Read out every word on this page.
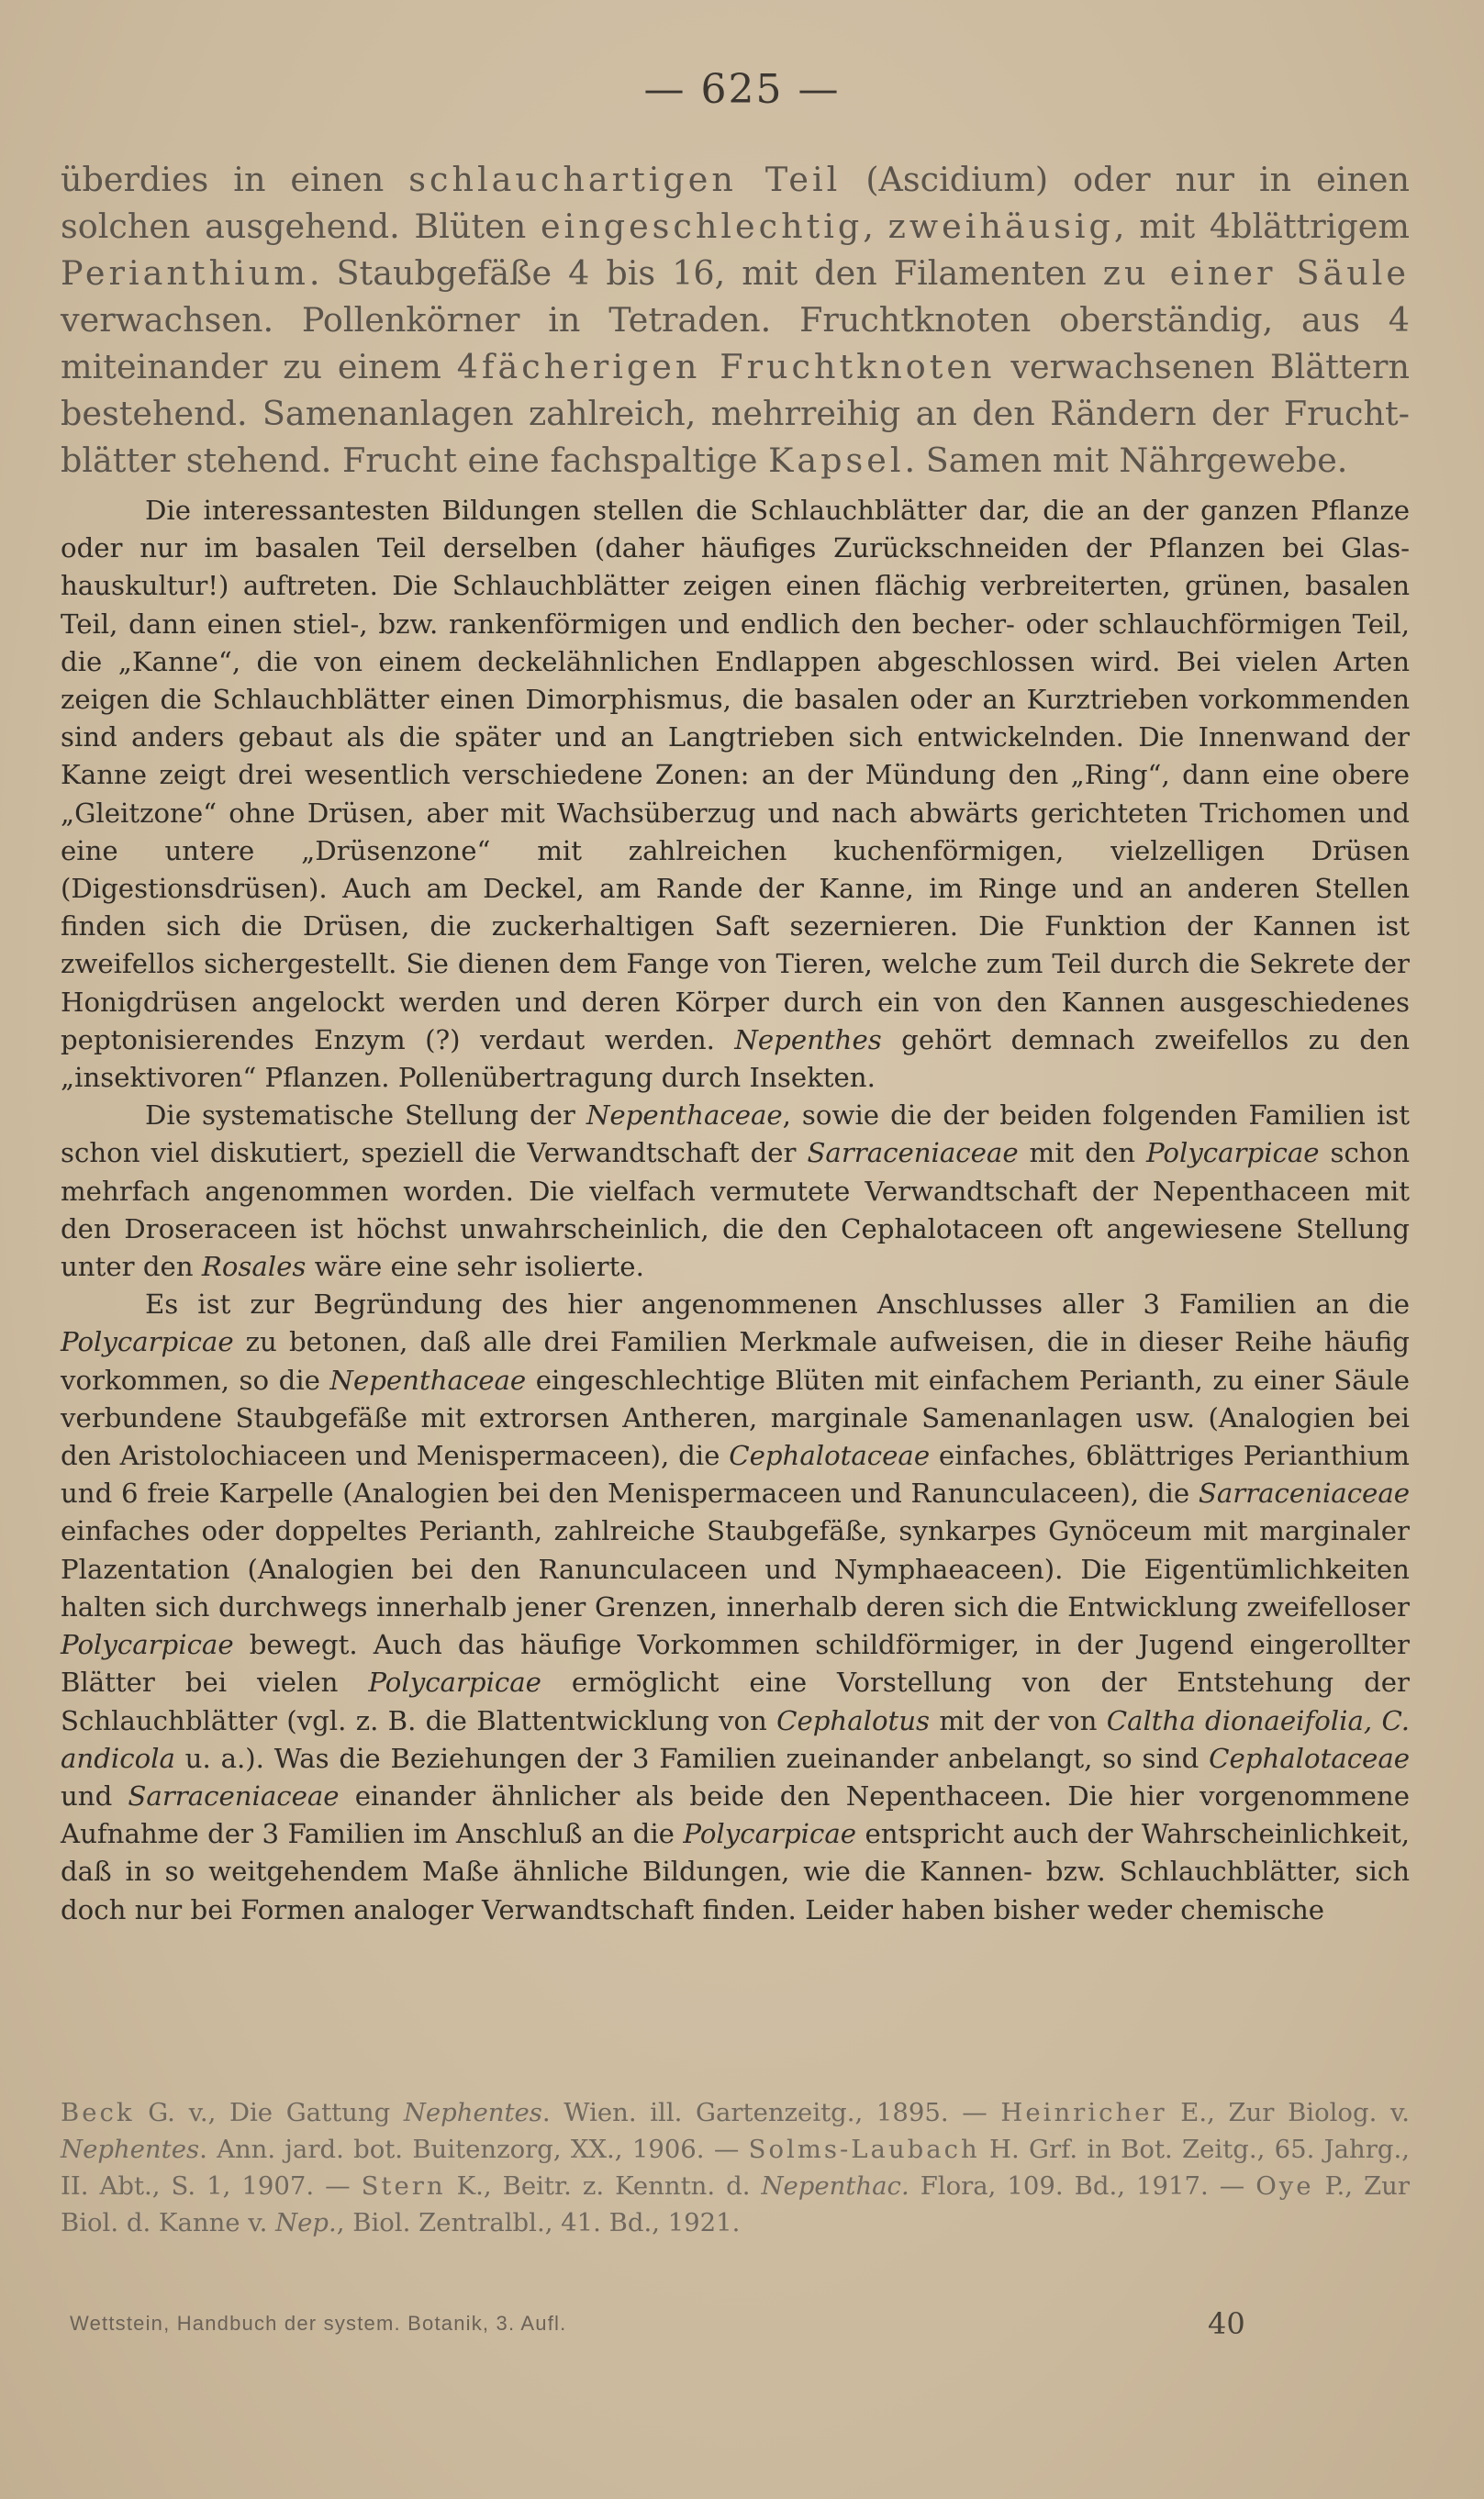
— 625 —
überdies in einen schlauchartigen Teil (Ascidium) oder nur in einen solchen ausgehend. Blüten eingeschlechtig, zweihäusig, mit 4blättrigem Perianthium. Staubgefäße 4 bis 16, mit den Filamenten zu einer Säule verwachsen. Pollenkörner in Tetraden. Fruchtknoten oberständig, aus 4 miteinander zu einem 4fächerigen Fruchtknoten verwachsenen Blättern bestehend. Samenanlagen zahlreich, mehrreihig an den Rändern der Fruchtblätter stehend. Frucht eine fachspaltige Kapsel. Samen mit Nährgewebe.

Die interessantesten Bildungen stellen die Schlauchblätter dar, die an der ganzen Pflanze oder nur im basalen Teil derselben (daher häufiges Zurückschneiden der Pflanzen bei Glashauskultur!) auftreten. Die Schlauchblätter zeigen einen flächig verbreiterten, grünen, basalen Teil, dann einen stiel-, bzw. rankenförmigen und endlich den becher- oder schlauchförmigen Teil, die „Kanne“, die von einem deckelähnlichen Endlappen abgeschlossen wird. Bei vielen Arten zeigen die Schlauchblätter einen Dimorphismus, die basalen oder an Kurztrieben vorkommenden sind anders gebaut als die später und an Langtrieben sich entwickelnden. Die Innenwand der Kanne zeigt drei wesentlich verschiedene Zonen: an der Mündung den „Ring“, dann eine obere „Gleitzone“ ohne Drüsen, aber mit Wachsüberzug und nach abwärts gerichteten Trichomen und eine untere „Drüsenzone“ mit zahlreichen kuchenförmigen, vielzelligen Drüsen (Digestionsdrüsen). Auch am Deckel, am Rande der Kanne, im Ringe und an anderen Stellen finden sich die Drüsen, die zuckerhaltigen Saft sezernieren. Die Funktion der Kannen ist zweifellos sichergestellt. Sie dienen dem Fange von Tieren, welche zum Teil durch die Sekrete der Honigdrüsen angelockt werden und deren Körper durch ein von den Kannen ausgeschiedenes peptonisierendes Enzym (?) verdaut werden. Nepenthes gehört demnach zweifellos zu den „insektivoren“ Pflanzen. Pollenübertragung durch Insekten.

Die systematische Stellung der Nepenthaceae, sowie die der beiden folgenden Familien ist schon viel diskutiert, speziell die Verwandtschaft der Sarraceniaceae mit den Polycarpicae schon mehrfach angenommen worden. Die vielfach vermutete Verwandtschaft der Nepenthaceen mit den Droseraceen ist höchst unwahrscheinlich, die den Cephalotaceen oft angewiesene Stellung unter den Rosales wäre eine sehr isolierte.

Es ist zur Begründung des hier angenommenen Anschlusses aller 3 Familien an die Polycarpicae zu betonen, daß alle drei Familien Merkmale aufweisen, die in dieser Reihe häufig vorkommen, so die Nepenthaceae eingeschlechtige Blüten mit einfachem Perianth, zu einer Säule verbundene Staubgefäße mit extrorsen Antheren, marginale Samenanlagen usw. (Analogien bei den Aristolochiaceen und Menispermaceen), die Cephalotaceae einfaches, 6blättriges Perianthium und 6 freie Karpelle (Analogien bei den Menispermaceen und Ranunculaceen), die Sarraceniaceae einfaches oder doppeltes Perianth, zahlreiche Staubgefäße, synkarpes Gynöceum mit marginaler Plazentation (Analogien bei den Ranunculaceen und Nymphaeaceen). Die Eigentümlichkeiten halten sich durchwegs innerhalb jener Grenzen, innerhalb deren sich die Entwicklung zweifelloser Polycarpicae bewegt. Auch das häufige Vorkommen schildförmiger, in der Jugend eingerollter Blätter bei vielen Polycarpicae ermöglicht eine Vorstellung von der Entstehung der Schlauchblätter (vgl. z. B. die Blattentwicklung von Cephalotus mit der von Caltha dionaeifolia, C. andicola u. a.). Was die Beziehungen der 3 Familien zueinander anbelangt, so sind Cephalotaceae und Sarraceniaceae einander ähnlicher als beide den Nepenthaceen. Die hier vorgenommene Aufnahme der 3 Familien im Anschluß an die Polycarpicae entspricht auch der Wahrscheinlichkeit, daß in so weitgehendem Maße ähnliche Bildungen, wie die Kannen- bzw. Schlauchblätter, sich doch nur bei Formen analoger Verwandtschaft finden. Leider haben bisher weder chemische

Beck G. v., Die Gattung Nephentes. Wien. ill. Gartenzeitg., 1895. — Heinricher E., Zur Biolog. v. Nephentes. Ann. jard. bot. Buitenzorg, XX., 1906. — Solms-Laubach H. Grf. in Bot. Zeitg., 65. Jahrg., II. Abt., S. 1, 1907. — Stern K., Beitr. z. Kenntn. d. Nepenthac. Flora, 109. Bd., 1917. — Oye P., Zur Biol. d. Kanne v. Nep., Biol. Zentralbl., 41. Bd., 1921.
Wettstein, Handbuch der system. Botanik, 3. Aufl.	40
